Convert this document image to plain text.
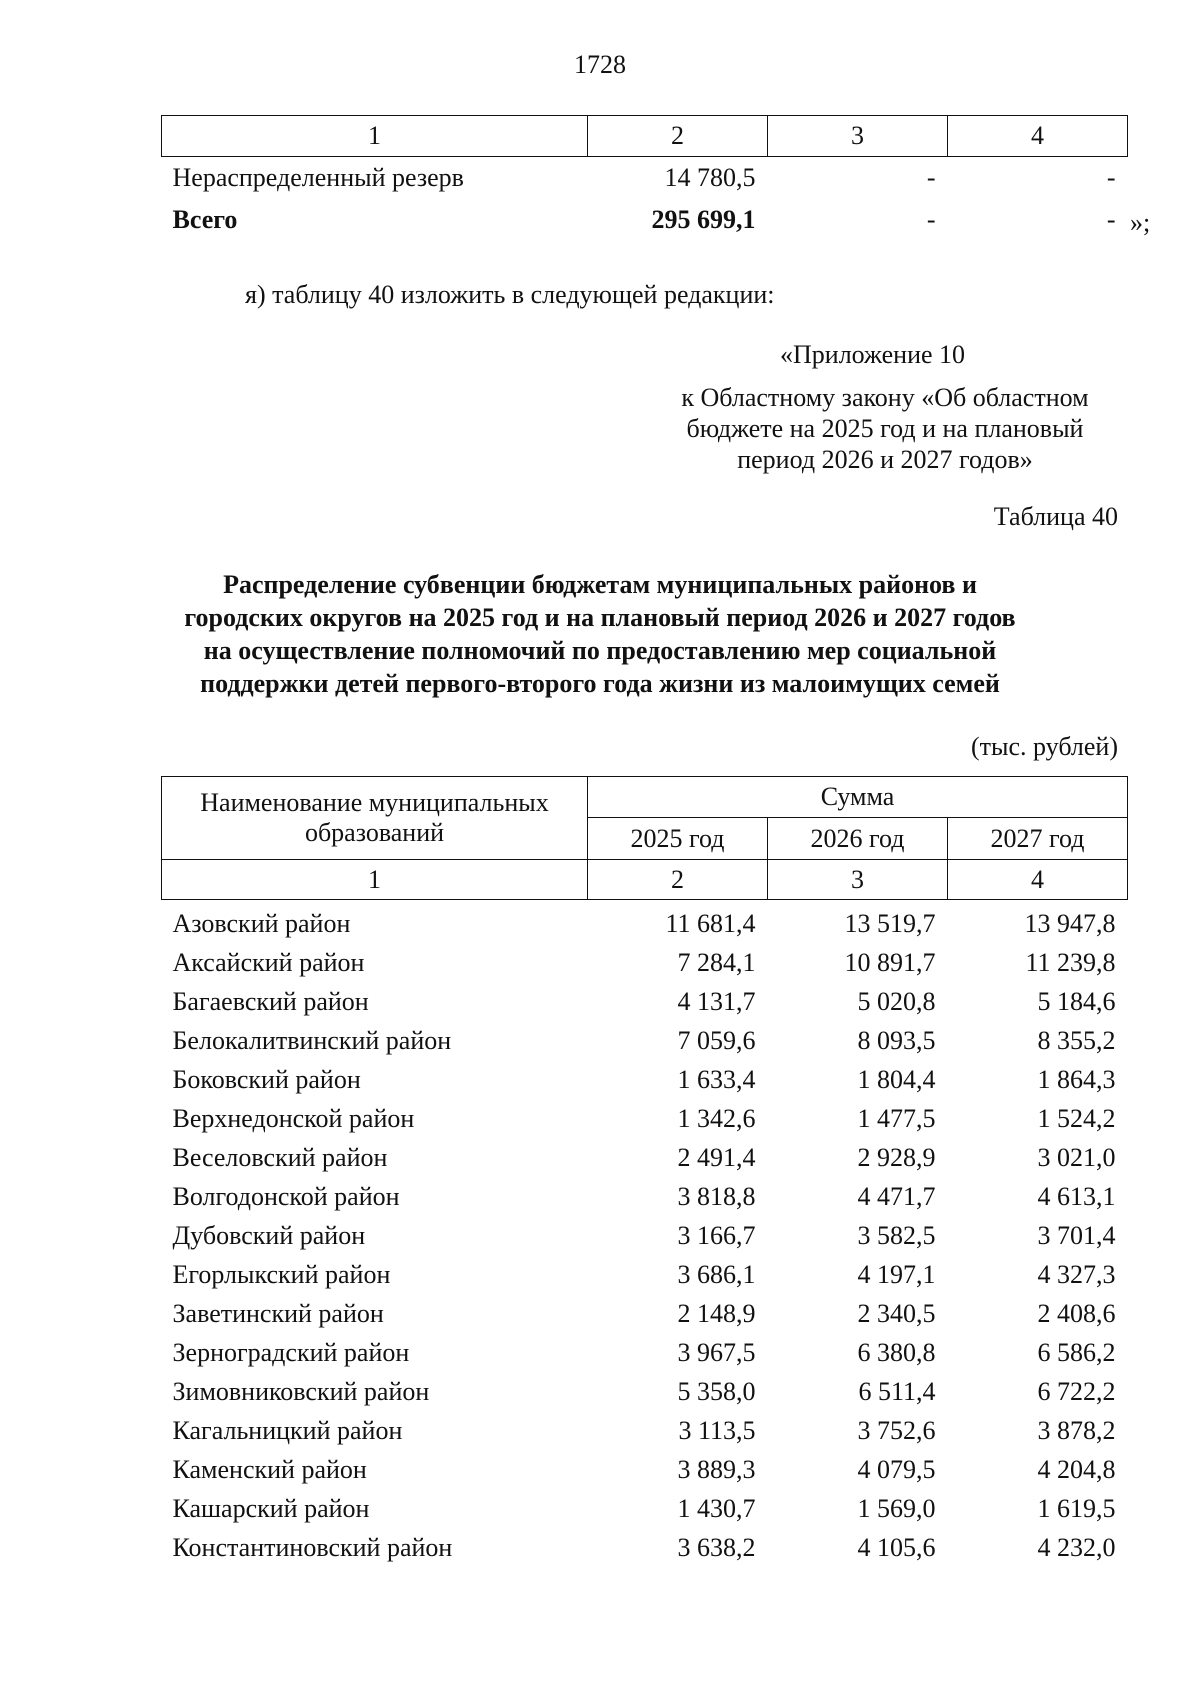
1728
1	2	3	4
Нераспределенный резерв	14 780,5	-	-
Всего	295 699,1	-	- »;
я) таблицу 40 изложить в следующей редакции:
«Приложение 10
к Областному закону «Об областном
бюджете на 2025 год и на плановый
период 2026 и 2027 годов»
Таблица 40
Распределение субвенции бюджетам муниципальных районов и
городских округов на 2025 год и на плановый период 2026 и 2027 годов
на осуществление полномочий по предоставлению мер социальной
поддержки детей первого-второго года жизни из малоимущих семей
(тыс. рублей)
Наименование муниципальных
образований	Сумма		
	2025 год	2026 год	2027 год
1	2	3	4
Азовский район	11 681,4	13 519,7	13 947,8
Аксайский район	7 284,1	10 891,7	11 239,8
Багаевский район	4 131,7	5 020,8	5 184,6
Белокалитвинский район	7 059,6	8 093,5	8 355,2
Боковский район	1 633,4	1 804,4	1 864,3
Верхнедонской район	1 342,6	1 477,5	1 524,2
Веселовский район	2 491,4	2 928,9	3 021,0
Волгодонской район	3 818,8	4 471,7	4 613,1
Дубовский район	3 166,7	3 582,5	3 701,4
Егорлыкский район	3 686,1	4 197,1	4 327,3
Заветинский район	2 148,9	2 340,5	2 408,6
Зерноградский район	3 967,5	6 380,8	6 586,2
Зимовниковский район	5 358,0	6 511,4	6 722,2
Кагальницкий район	3 113,5	3 752,6	3 878,2
Каменский район	3 889,3	4 079,5	4 204,8
Кашарский район	1 430,7	1 569,0	1 619,5
Константиновский район	3 638,2	4 105,6	4 232,0
